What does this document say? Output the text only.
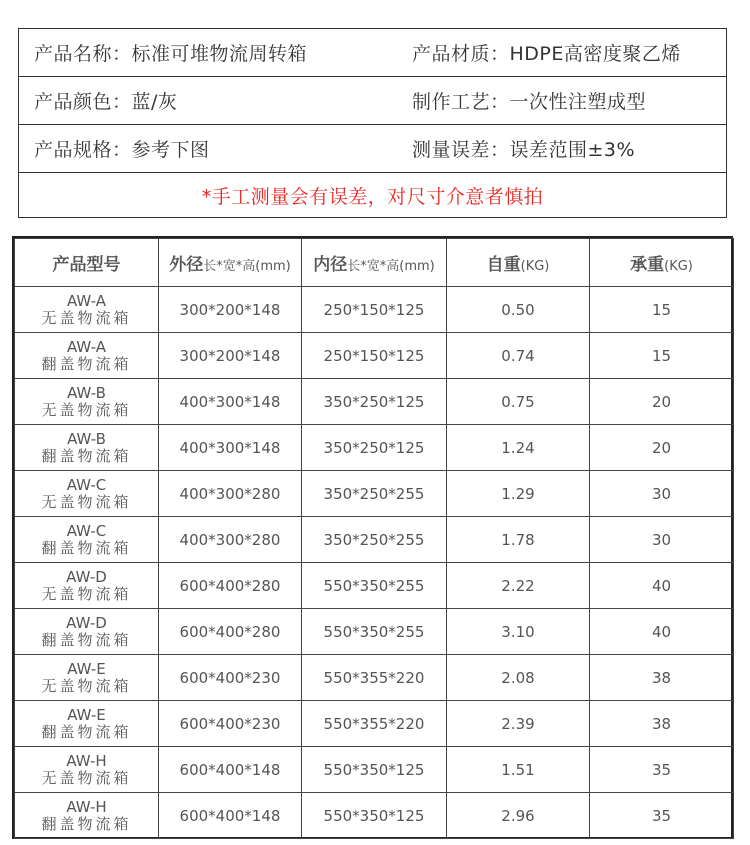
产品名称：标准可堆物流周转箱	产品材质：HDPE高密度聚乙烯
产品颜色：蓝/灰	制作工艺：一次性注塑成型
产品规格：参考下图	测量误差：误差范围±3%
*手工测量会有误差，对尺寸介意者慎拍
产品型号	外径长*宽*高(mm)	内径长*宽*高(mm)	自重(KG)	承重(KG)

AW-A
无盖物流箱	300*200*148	250*150*125	0.50	15

AW-A
翻盖物流箱	300*200*148	250*150*125	0.74	15

AW-B
无盖物流箱	400*300*148	350*250*125	0.75	20

AW-B
翻盖物流箱	400*300*148	350*250*125	1.24	20

AW-C
无盖物流箱	400*300*280	350*250*255	1.29	30

AW-C
翻盖物流箱	400*300*280	350*250*255	1.78	30

AW-D
无盖物流箱	600*400*280	550*350*255	2.22	40

AW-D
翻盖物流箱	600*400*280	550*350*255	3.10	40

AW-E
无盖物流箱	600*400*230	550*355*220	2.08	38

AW-E
翻盖物流箱	600*400*230	550*355*220	2.39	38

AW-H
无盖物流箱	600*400*148	550*350*125	1.51	35

AW-H
翻盖物流箱	600*400*148	550*350*125	2.96	35
